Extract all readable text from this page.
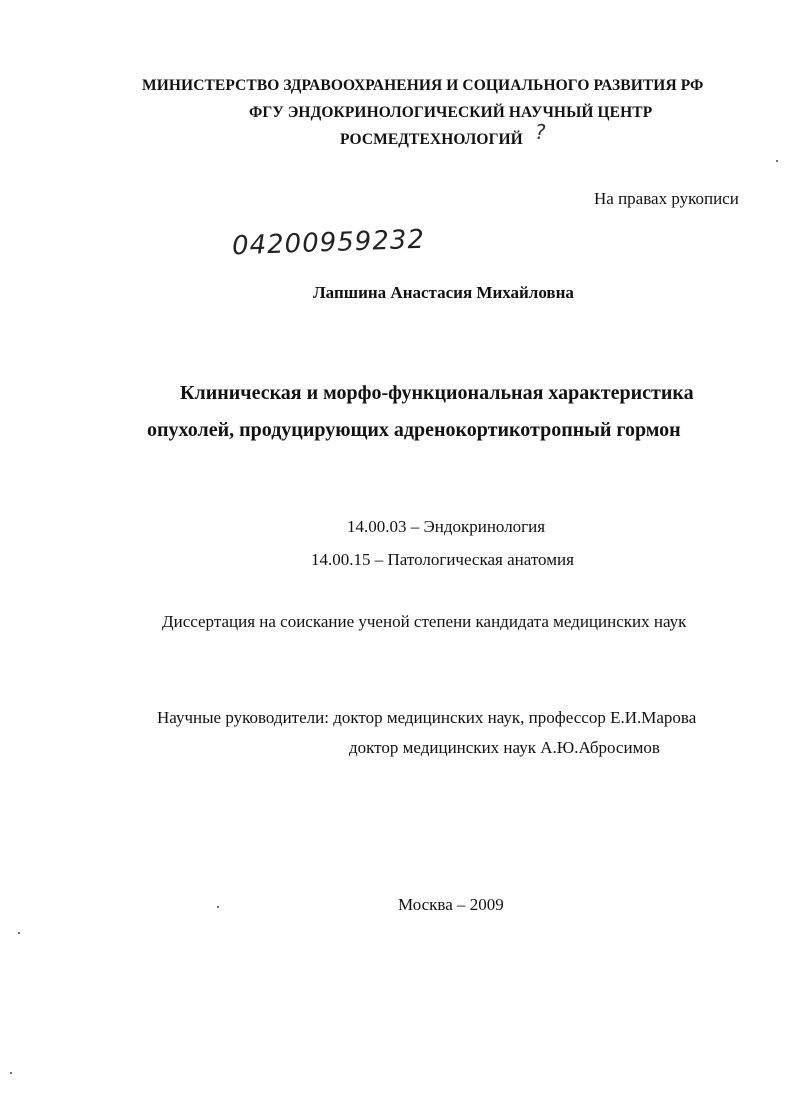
МИНИСТЕРСТВО ЗДРАВООХРАНЕНИЯ И СОЦИАЛЬНОГО РАЗВИТИЯ РФ
ФГУ ЭНДОКРИНОЛОГИЧЕСКИЙ НАУЧНЫЙ ЦЕНТР
РОСМЕДТЕХНОЛОГИЙ ?
На правах рукописи
04200959232
Лапшина Анастасия Михайловна
Клиническая и морфо-функциональная характеристика
опухолей, продуцирующих адренокортикотропный гормон
14.00.03 – Эндокринология
14.00.15 – Патологическая анатомия
Диссертация на соискание ученой степени кандидата медицинских наук
Научные руководители: доктор медицинских наук, профессор Е.И.Марова
доктор медицинских наук А.Ю.Абросимов
Москва – 2009
